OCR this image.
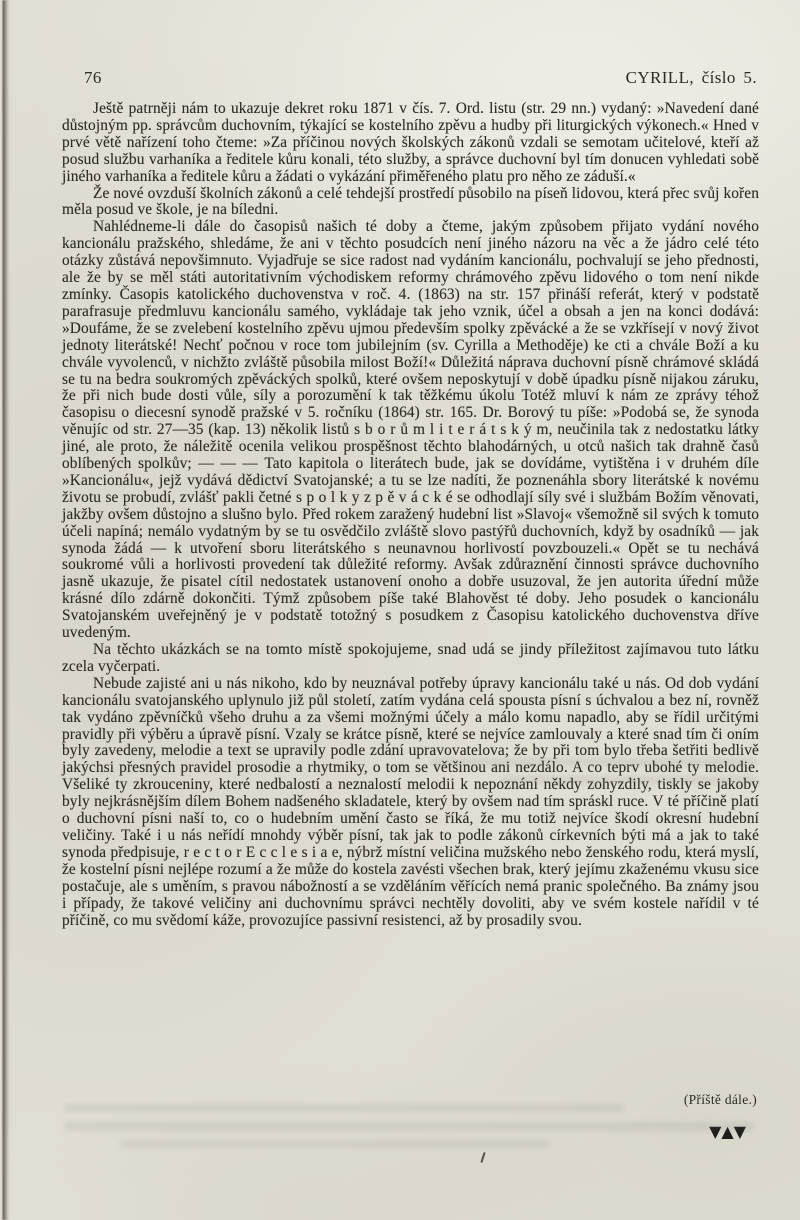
76	CYRILL, číslo 5.

Ještě patrněji nám to ukazuje dekret roku 1871 v čís. 7. Ord. listu (str. 29 nn.) vydaný: »Navedení dané důstojným pp. správcům duchovním, týkající se kostelního zpěvu a hudby při liturgických výkonech.« Hned v prvé větě nařízení toho čteme: »Za příčinou nových školských zákonů vzdali se semotam učitelové, kteří až posud službu varhaníka a ředitele kůru konali, této služby, a správce duchovní byl tím donucen vyhledati sobě jiného varhaníka a ředitele kůru a žádati o vykázání přiměřeného platu pro něho ze záduší.«

Že nové ovzduší školních zákonů a celé tehdejší prostředí působilo na píseň lidovou, která přec svůj kořen měla posud ve škole, je na bíledni.

Nahlédneme-li dále do časopisů našich té doby a čteme, jakým způsobem přijato vydání nového kancionálu pražského, shledáme, že ani v těchto posudcích není jiného názoru na věc a že jádro celé této otázky zůstává nepovšimnuto. Vyjadřuje se sice radost nad vydáním kancionálu, pochvalují se jeho přednosti, ale že by se měl státi autoritativním východiskem reformy chrámového zpěvu lidového o tom není nikde zmínky. Časopis katolického duchovenstva v roč. 4. (1863) na str. 157 přináší referát, který v podstatě parafrasuje předmluvu kancionálu samého, vykládaje tak jeho vznik, účel a obsah a jen na konci dodává: »Doufáme, že se zvelebení kostelního zpěvu ujmou především spolky zpěvácké a že se vzkřísejí v nový život jednoty literátské! Nechť počnou v roce tom jubilejním (sv. Cyrilla a Methoděje) ke cti a chvále Boží a ku chvále vyvolenců, v nichžto zvláště působila milost Boží!« Důležitá náprava duchovní písně chrámové skládá se tu na bedra soukromých zpěváckých spolků, které ovšem neposkytují v době úpadku písně nijakou záruku, že při nich bude dosti vůle, síly a porozumění k tak těžkému úkolu Totéž mluví k nám ze zprávy téhož časopisu o diecesní synodě pražské v 5. ročníku (1864) str. 165. Dr. Borový tu píše: »Podobá se, že synoda věnujíc od str. 27—35 (kap. 13) několik listů s b o r ů m l i t e r á t s k ý m, neučinila tak z nedostatku látky jiné, ale proto, že náležitě ocenila velikou prospěšnost těchto blahodárných, u otců našich tak drahně časů oblíbených spolkův; — — — Tato kapitola o literátech bude, jak se dovídáme, vytištěna i v druhém díle »Kancionálu«, jejž vydává dědictví Svatojanské; a tu se lze nadíti, že poznenáhla sbory literátské k novému životu se probudí, zvlášť pakli četné s p o l k y z p ě v á c k é se odhodlají síly své i službám Božím věnovati, jakžby ovšem důstojno a slušno bylo. Před rokem zaražený hudební list »Slavoj« všemožně sil svých k tomuto účeli napíná; nemálo vydatným by se tu osvědčilo zvláště slovo pastýřů duchovních, když by osadníků — jak synoda žádá — k utvoření sboru literátského s neunavnou horlivostí povzbouzeli.« Opět se tu nechává soukromé vůli a horlivosti provedení tak důležité reformy. Avšak zdůraznění činnosti správce duchovního jasně ukazuje, že pisatel cítil nedostatek ustanovení onoho a dobře usuzoval, že jen autorita úřední může krásné dílo zdárně dokončiti. Týmž způsobem píše také Blahověst té doby. Jeho posudek o kancionálu Svatojanském uveřejněný je v podstatě totožný s posudkem z Časopisu katolického duchovenstva dříve uvedeným.

Na těchto ukázkách se na tomto místě spokojujeme, snad udá se jindy příležitost zajímavou tuto látku zcela vyčerpati.

Nebude zajisté ani u nás nikoho, kdo by neuznával potřeby úpravy kancionálu také u nás. Od dob vydání kancionálu svatojanského uplynulo již půl století, zatím vydána celá spousta písní s úchvalou a bez ní, rovněž tak vydáno zpěvníčků všeho druhu a za všemi možnými účely a málo komu napadlo, aby se řídil určitými pravidly při výběru a úpravě písní. Vzaly se krátce písně, které se nejvíce zamlouvaly a které snad tím či oním byly zavedeny, melodie a text se upravily podle zdání upravovatelova; že by při tom bylo třeba šetřiti bedlivě jakýchsi přesných pravidel prosodie a rhytmiky, o tom se většinou ani nezdálo. A co teprv ubohé ty melodie. Všeliké ty zkrouceniny, které nedbalostí a neznalostí melodii k nepoznání někdy zohyzdily, tiskly se jakoby byly nejkrásnějším dílem Bohem nadšeného skladatele, který by ovšem nad tím spráskl ruce. V té příčině platí o duchovní písni naší to, co o hudebním umění často se říká, že mu totiž nejvíce škodí okresní hudební veličiny. Také i u nás neřídí mnohdy výběr písní, tak jak to podle zákonů církevních býti má a jak to také synoda předpisuje, r e c t o r E c c l e s i a e, nýbrž místní veličina mužského nebo ženského rodu, která myslí, že kostelní písni nejlépe rozumí a že může do kostela zavésti všechen brak, který jejímu zkaženému vkusu sice postačuje, ale s uměním, s pravou nábožností a se vzděláním věřících nemá pranic společného. Ba známy jsou i případy, že takové veličiny ani duchovnímu správci nechtěly dovoliti, aby ve svém kostele nařídil v té příčině, co mu svědomí káže, provozujíce passivní resistenci, až by prosadily svou.

(Příště dále.)
▼▲▼
